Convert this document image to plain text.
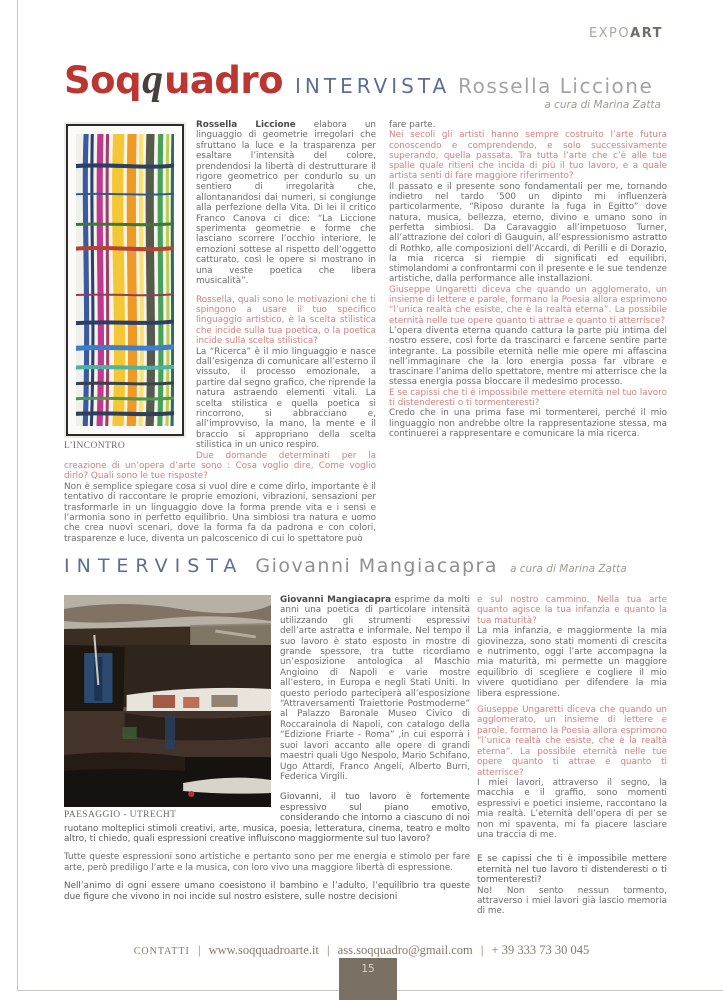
EXPOART
Soqquadro INTERVISTA Rossella Liccione
a cura di Marina Zatta
L’INCONTRO

Rossella Liccione elabora un linguaggio di geometrie irregolari che sfruttano la luce e la trasparenza per esaltare l’intensità del colore, prendendosi la libertà di destrutturare il rigore geometrico per condurlo su un sentiero di irregolarità che, allontanandosi dai numeri, si congiunge alla perfezione della Vita. Di lei il critico Franco Canova ci dice: “La Liccione sperimenta geometrie e forme che lasciano scorrere l’occhio interiore, le emozioni sottese al rispetto dell’oggetto catturato, così le opere si mostrano in una veste poetica che libera musicalità”.

Rossella, quali sono le motivazioni che ti spingono a usare il tuo specifico linguaggio artistico, è la scelta stilistica che incide sulla tua poetica, o la poetica incide sulla scelta stilistica?

La “Ricerca” è il mio linguaggio e nasce dall’esigenza di comunicare all’esterno il vissuto, il processo emozionale, a partire dal segno grafico, che riprende la natura astraendo elementi vitali. La scelta stilistica e quella poetica si rincorrono, si abbracciano e, all’improvviso, la mano, la mente e il braccio si appropriano della scelta stilistica in un unico respiro.

Due domande determinati per la creazione di un’opera d’arte sono : Cosa voglio dire, Come voglio dirlo? Quali sono le tue risposte?

Non è semplice spiegare cosa si vuol dire e come dirlo, importante è il tentativo di raccontare le proprie emozioni, vibrazioni, sensazioni per trasformarle in un linguaggio dove la forma prende vita e i sensi e l’armonia sono in perfetto equilibrio. Una simbiosi tra natura e uomo che crea nuovi scenari, dove la forma fa da padrona e con colori, trasparenze e luce, diventa un palcoscenico di cui lo spettatore può

fare parte.

Nei secoli gli artisti hanno sempre costruito l’arte futura conoscendo e comprendendo, e solo successivamente superando, quella passata. Tra tutta l’arte che c’è alle tue spalle quale ritieni che incida di più il tuo lavoro, e a quale artista senti di fare maggiore riferimento?

Il passato e il presente sono fondamentali per me, tornando indietro nel tardo ’500 un dipinto mi influenzerà particolarmente, “Riposo durante la fuga in Egitto” dove natura, musica, bellezza, eterno, divino e umano sono in perfetta simbiosi. Da Caravaggio all’impetuoso Turner, all’attrazione dei colori di Gauguin, all’espressionismo astratto di Rothko, alle composizioni dell’Accardi, di Perilli e di Dorazio, la mia ricerca si riempie di significati ed equilibri, stimolandomi a confrontarmi con il presente e le sue tendenze artistiche, dalla performance alle installazioni.

Giuseppe Ungaretti diceva che quando un agglomerato, un insieme di lettere e parole, formano la Poesia allora esprimono “l’unica realtà che esiste, che è la realtà eterna”. La possibile eternità nelle tue opere quanto ti attrae e quanto ti atterrisce?

L’opera diventa eterna quando cattura la parte più intima del nostro essere, così forte da trascinarci e farcene sentire parte integrante. La possibile eternità nelle mie opere mi affascina nell’immaginare che la loro energia possa far vibrare e trascinare l’anima dello spettatore, mentre mi atterrisce che la stessa energia possa bloccare il medesimo processo.

E se capissi che ti è impossibile mettere eternità nel tuo lavoro ti distenderesti o ti tormenteresti?

Credo che in una prima fase mi tormenterei, perché il mio linguaggio non andrebbe oltre la rappresentazione stessa, ma continuerei a rappresentare e comunicare la mia ricerca.

INTERVISTA Giovanni Mangiacapra a cura di Marina Zatta
PAESAGGIO - UTRECHT

Giovanni Mangiacapra esprime da molti anni una poetica di particolare intensità utilizzando gli strumenti espressivi dell’arte astratta e informale. Nel tempo il suo lavoro è stato esposto in mostre di grande spessore, tra tutte ricordiamo un’esposizione antologica al Maschio Angioino di Napoli e varie mostre all’estero, in Europa e negli Stati Uniti. In questo periodo parteciperà all’esposizione “Attraversamenti Traiettorie Postmoderne” al Palazzo Baronale Museo Civico di Roccarainola di Napoli, con catalogo della “Edizione Friarte - Roma” ,in cui esporrà i suoi lavori accanto alle opere di grandi maestri quali Ugo Nespolo, Mario Schifano, Ugo Attardi, Franco Angeli, Alberto Burri, Federica Virgili.

Giovanni, il tuo lavoro è fortemente espressivo sul piano emotivo, considerando che intorno a ciascuno di noi ruotano molteplici stimoli creativi, arte, musica, poesia, letteratura, cinema, teatro e molto altro, ti chiedo, quali espressioni creative influiscono maggiormente sul tuo lavoro?

Tutte queste espressioni sono artistiche e pertanto sono per me energia e stimolo per fare arte, però prediligo l’arte e la musica, con loro vivo una maggiore libertà di espressione.

Nell’animo di ogni essere umano coesistono il bambino e l’adulto, l’equilibrio tra queste due figure che vivono in noi incide sul nostro esistere, sulle nostre decisioni

e sul nostro cammino. Nella tua arte quanto agisce la tua infanzia e quanto la tua maturità?

La mia infanzia, e maggiormente la mia giovinezza, sono stati momenti di crescita e nutrimento, oggi l’arte accompagna la mia maturità, mi permette un maggiore equilibrio di scegliere e cogliere il mio vivere quotidiano per difendere la mia libera espressione.

Giuseppe Ungaretti diceva che quando un agglomerato, un insieme di lettere e parole, formano la Poesia allora esprimono “l’unica realtà che esiste, che è la realtà eterna”. La possibile eternità nelle tue opere quanto ti attrae e quanto ti atterrisce?

I miei lavori, attraverso il segno, la macchia e il graffio, sono momenti espressivi e poetici insieme, raccontano la mia realtà. L’eternità dell’opera di per se non mi spaventa, mi fa piacere lasciare una traccia di me.

E se capissi che ti è impossibile mettere eternità nel tuo lavoro ti distenderesti o ti tormenteresti?

No! Non sento nessun tormento, attraverso i miei lavori già lascio memoria di me.

CONTATTI | www.soqquadroarte.it | ass.soqquadro@gmail.com | + 39 333 73 30 045
15
